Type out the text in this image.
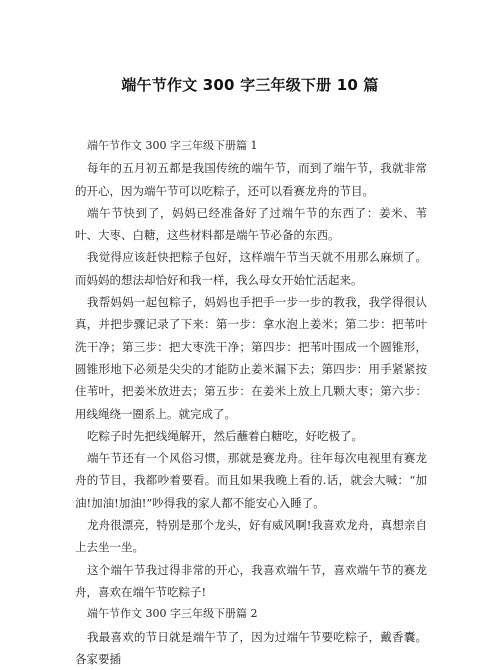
端午节作文 300 字三年级下册 10 篇

端午节作文 300 字三年级下册篇 1

每年的五月初五都是我国传统的端午节，而到了端午节，我就非常的开心，因为端午节可以吃粽子，还可以看赛龙舟的节目。

端午节快到了，妈妈已经准备好了过端午节的东西了：姜米、苇叶、大枣、白糖，这些材料都是端午节必备的东西。

我觉得应该赶快把粽子包好，这样端午节当天就不用那么麻烦了。而妈妈的想法却恰好和我一样，我么母女开始忙活起来。

我帮妈妈一起包粽子，妈妈也手把手一步一步的教我，我学得很认真，并把步骤记录了下来：第一步：拿水泡上姜米；第二步：把苇叶洗干净；第三步：把大枣洗干净；第四步：把苇叶围成一个圆锥形，圆锥形地下必须是尖尖的才能防止姜米漏下去；第四步：用手紧紧按住苇叶，把姜米放进去；第五步：在姜米上放上几颗大枣；第六步：用线绳绕一圈系上。就完成了。

吃粽子时先把线绳解开，然后蘸着白糖吃，好吃极了。

端午节还有一个风俗习惯，那就是赛龙舟。往年每次电视里有赛龙舟的节目，我都吵着要看。而且如果我晚上看的.话，就会大喊：“加油!加油!加油!”吵得我的家人都不能安心入睡了。

龙舟很漂亮，特别是那个龙头，好有威风啊!我喜欢龙舟，真想亲自上去坐一坐。

这个端午节我过得非常的开心，我喜欢端午节，喜欢端午节的赛龙舟，喜欢在端午节吃粽子!

端午节作文 300 字三年级下册篇 2

我最喜欢的节日就是端午节了，因为过端午节要吃粽子，戴香囊。各家要插
